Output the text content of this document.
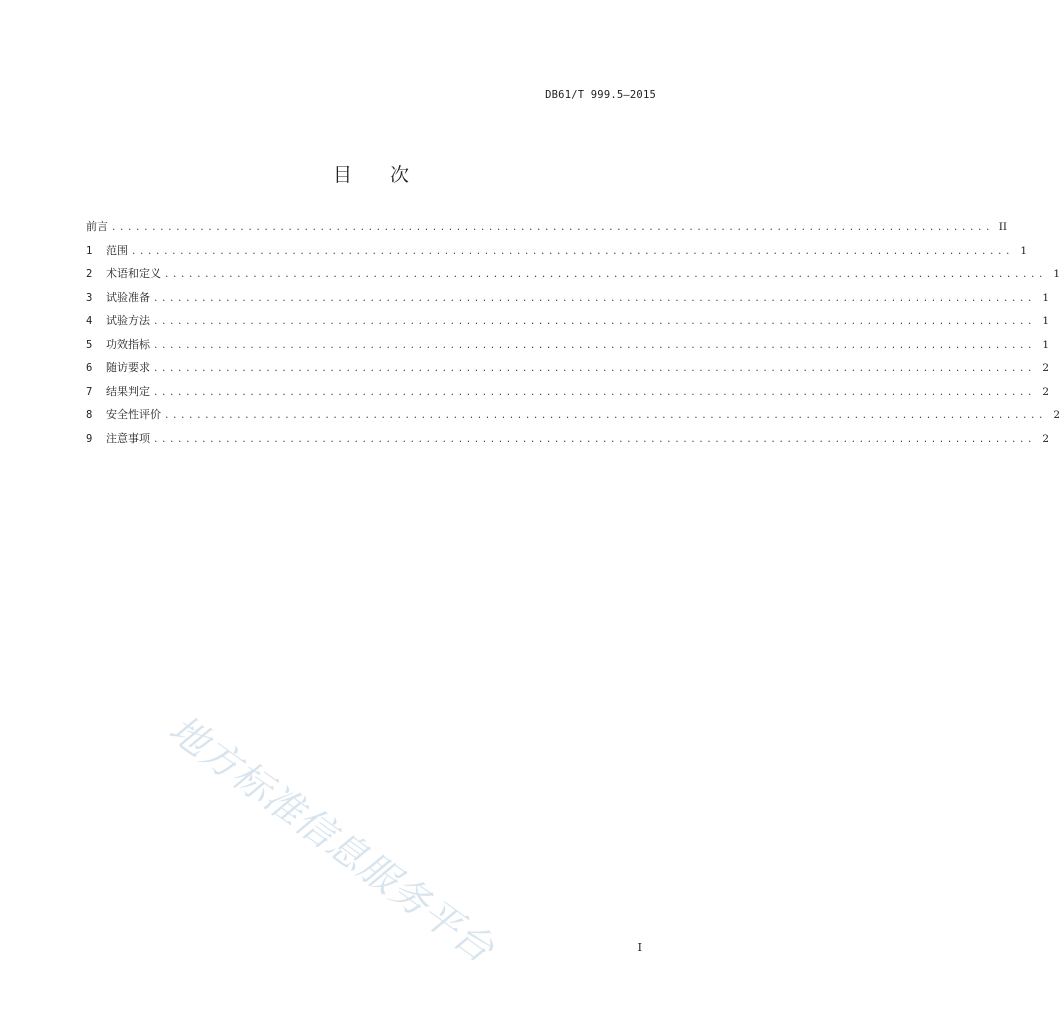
DB61/T 999.5—2015
目 次
前言 .............................................................................................................. II
1	范围 .............................................................................................................. 1
2	术语和定义 .............................................................................................................. 1
3	试验准备 .............................................................................................................. 1
4	试验方法 .............................................................................................................. 1
5	功效指标 .............................................................................................................. 1
6	随访要求 .............................................................................................................. 2
7	结果判定 .............................................................................................................. 2
8	安全性评价 .............................................................................................................. 2
9	注意事项 .............................................................................................................. 2
地方标准信息服务平台	I
